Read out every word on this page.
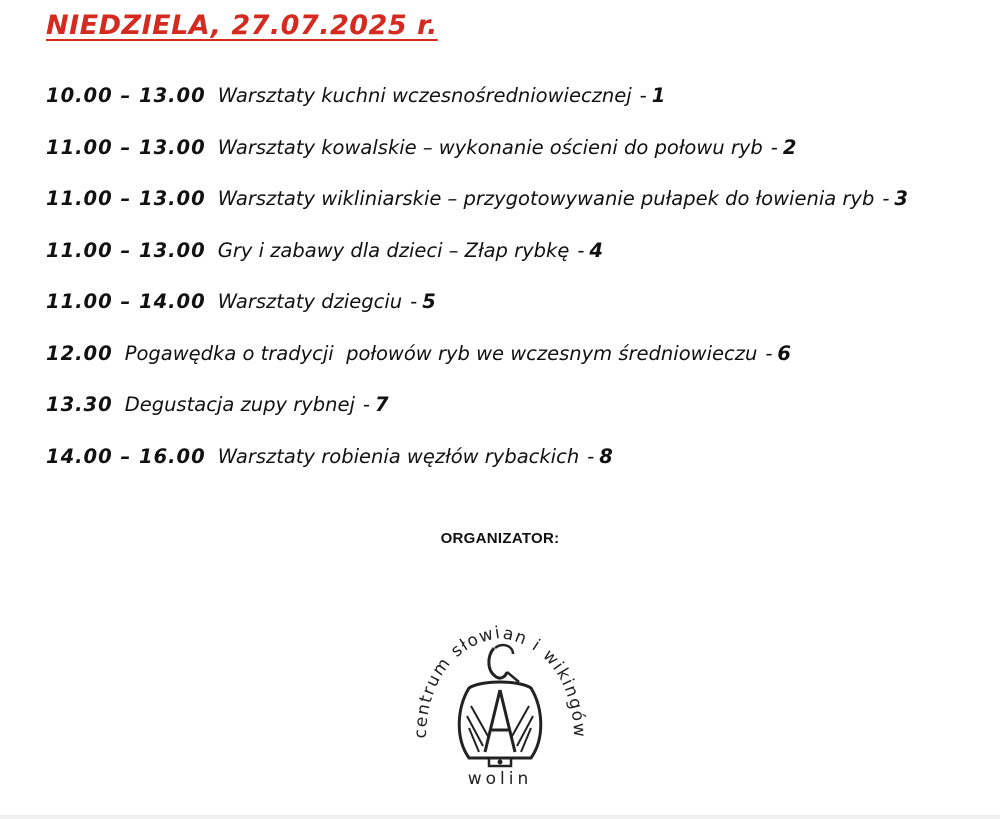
NIEDZIELA, 27.07.2025 r.
10.00 – 13.00 Warsztaty kuchni wczesnośredniowiecznej - 1
11.00 – 13.00 Warsztaty kowalskie – wykonanie ościeni do połowu ryb - 2
11.00 – 13.00 Warsztaty wikliniarskie – przygotowywanie pułapek do łowienia ryb - 3
11.00 – 13.00 Gry i zabawy dla dzieci – Złap rybkę - 4
11.00 – 14.00 Warsztaty dziegciu - 5
12.00 Pogawędka o tradycji  połowów ryb we wczesnym średniowieczu - 6
13.30 Degustacja zupy rybnej - 7
14.00 – 16.00 Warsztaty robienia węzłów rybackich - 8
ORGANIZATOR:
centrum słowian i wikingów
wolin
